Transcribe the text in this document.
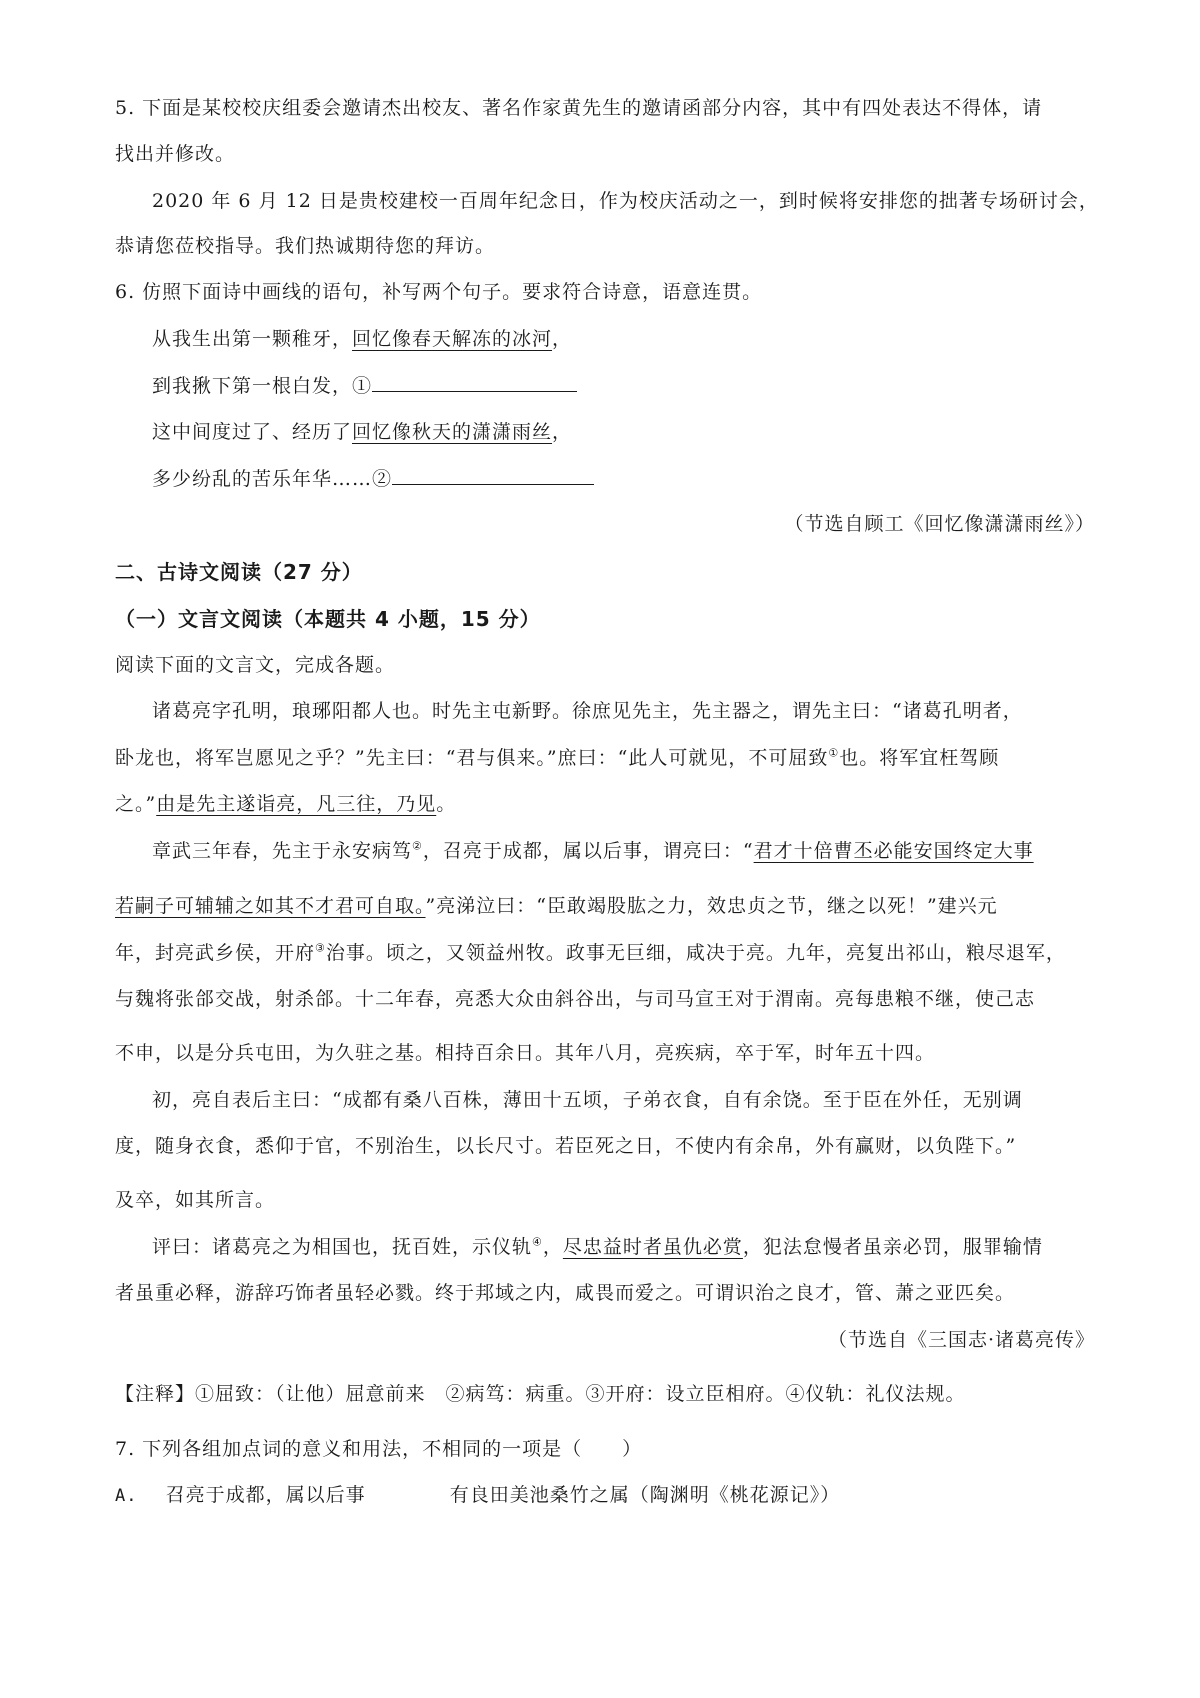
5. 下面是某校校庆组委会邀请杰出校友、著名作家黄先生的邀请函部分内容，其中有四处表达不得体，请
找出并修改。
2020 年 6 月 12 日是贵校建校一百周年纪念日，作为校庆活动之一，到时候将安排您的拙著专场研讨会，
恭请您莅校指导。我们热诚期待您的拜访。
6. 仿照下面诗中画线的语句，补写两个句子。要求符合诗意，语意连贯。
从我生出第一颗稚牙，回忆像春天解冻的冰河，
到我揪下第一根白发，①
这中间度过了、经历了回忆像秋天的潇潇雨丝，
多少纷乱的苦乐年华……②
（节选自顾工《回忆像潇潇雨丝》）
二、古诗文阅读（27 分）
（一）文言文阅读（本题共 4 小题，15 分）
阅读下面的文言文，完成各题。
诸葛亮字孔明，琅琊阳都人也。时先主屯新野。徐庶见先主，先主器之，谓先主曰：“诸葛孔明者，
卧龙也，将军岂愿见之乎？”先主曰：“君与俱来。”庶曰：“此人可就见，不可屈致①也。将军宜枉驾顾
之。”由是先主遂诣亮，凡三往，乃见。
章武三年春，先主于永安病笃②，召亮于成都，属以后事，谓亮曰：“君才十倍曹丕必能安国终定大事
若嗣子可辅辅之如其不才君可自取。”亮涕泣曰：“臣敢竭股肱之力，效忠贞之节，继之以死！”建兴元
年，封亮武乡侯，开府③治事。顷之，又领益州牧。政事无巨细，咸决于亮。九年，亮复出祁山，粮尽退军，
与魏将张郃交战，射杀郃。十二年春，亮悉大众由斜谷出，与司马宣王对于渭南。亮每患粮不继，使己志
不申，以是分兵屯田，为久驻之基。相持百余日。其年八月，亮疾病，卒于军，时年五十四。
初，亮自表后主曰：“成都有桑八百株，薄田十五顷，子弟衣食，自有余饶。至于臣在外任，无别调
度，随身衣食，悉仰于官，不别治生，以长尺寸。若臣死之日，不使内有余帛，外有赢财，以负陛下。”
及卒，如其所言。
评曰：诸葛亮之为相国也，抚百姓，示仪轨④，尽忠益时者虽仇必赏，犯法怠慢者虽亲必罚，服罪输情
者虽重必释，游辞巧饰者虽轻必戮。终于邦域之内，咸畏而爱之。可谓识治之良才，管、萧之亚匹矣。
（节选自《三国志·诸葛亮传》
【注释】①屈致：（让他）屈意前来　②病笃：病重。③开府：设立臣相府。④仪轨：礼仪法规。
7. 下列各组加点词的意义和用法，不相同的一项是（　　）
A. 召亮于成都，属以后事	有良田美池桑竹之属（陶渊明《桃花源记》）
